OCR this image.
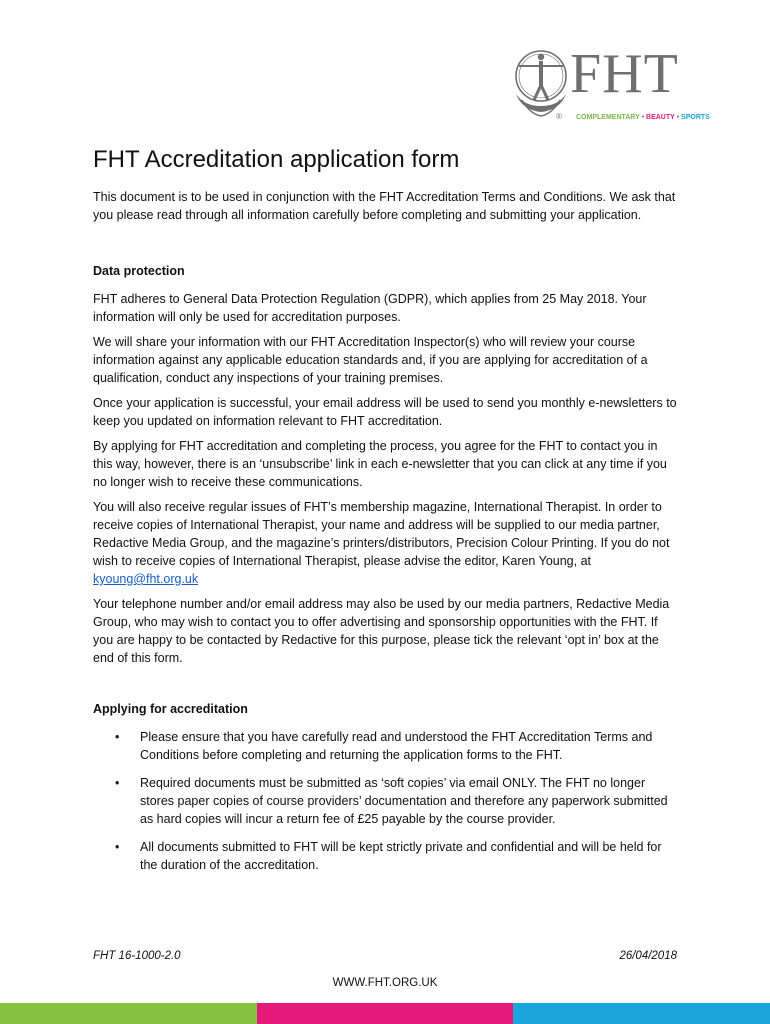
FHT
® COMPLEMENTARY • BEAUTY • SPORTS
FHT Accreditation application form

This document is to be used in conjunction with the FHT Accreditation Terms and Conditions. We ask that you please read through all information carefully before completing and submitting your application.

Data protection

FHT adheres to General Data Protection Regulation (GDPR), which applies from 25 May 2018. Your information will only be used for accreditation purposes.

We will share your information with our FHT Accreditation Inspector(s) who will review your course information against any applicable education standards and, if you are applying for accreditation of a qualification, conduct any inspections of your training premises.

Once your application is successful, your email address will be used to send you monthly e-newsletters to keep you updated on information relevant to FHT accreditation.

By applying for FHT accreditation and completing the process, you agree for the FHT to contact you in this way, however, there is an ‘unsubscribe’ link in each e-newsletter that you can click at any time if you no longer wish to receive these communications.

You will also receive regular issues of FHT’s membership magazine, International Therapist. In order to receive copies of International Therapist, your name and address will be supplied to our media partner, Redactive Media Group, and the magazine’s printers/distributors, Precision Colour Printing. If you do not wish to receive copies of International Therapist, please advise the editor, Karen Young, at kyoung@fht.org.uk

Your telephone number and/or email address may also be used by our media partners, Redactive Media Group, who may wish to contact you to offer advertising and sponsorship opportunities with the FHT. If you are happy to be contacted by Redactive for this purpose, please tick the relevant ‘opt in’ box at the end of this form.

Applying for accreditation
• Please ensure that you have carefully read and understood the FHT Accreditation Terms and Conditions before completing and returning the application forms to the FHT.
• Required documents must be submitted as ‘soft copies’ via email ONLY. The FHT no longer stores paper copies of course providers’ documentation and therefore any paperwork submitted as hard copies will incur a return fee of £25 payable by the course provider.
• All documents submitted to FHT will be kept strictly private and confidential and will be held for the duration of the accreditation.
FHT 16-1000-2.0	26/04/2018
WWW.FHT.ORG.UK
